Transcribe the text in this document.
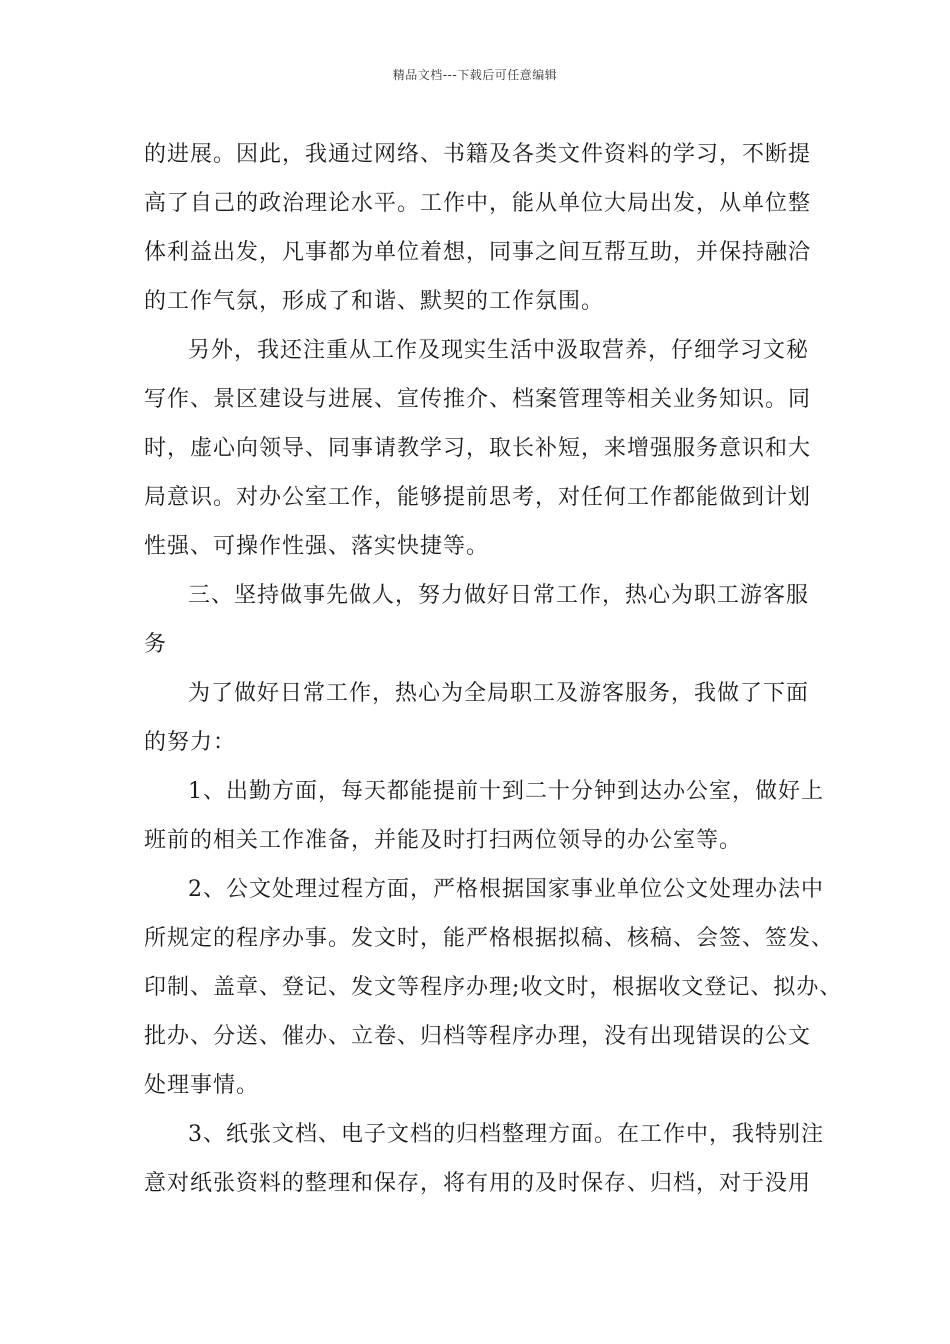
精品文档---下载后可任意编辑
的进展。因此，我通过网络、书籍及各类文件资料的学习，不断提
高了自己的政治理论水平。工作中，能从单位大局出发，从单位整
体利益出发，凡事都为单位着想，同事之间互帮互助，并保持融洽
的工作气氛，形成了和谐、默契的工作氛围。
另外，我还注重从工作及现实生活中汲取营养，仔细学习文秘
写作、景区建设与进展、宣传推介、档案管理等相关业务知识。同
时，虚心向领导、同事请教学习，取长补短，来增强服务意识和大
局意识。对办公室工作，能够提前思考，对任何工作都能做到计划
性强、可操作性强、落实快捷等。
三、坚持做事先做人，努力做好日常工作，热心为职工游客服
务
为了做好日常工作，热心为全局职工及游客服务，我做了下面
的努力：
1、出勤方面，每天都能提前十到二十分钟到达办公室，做好上
班前的相关工作准备，并能及时打扫两位领导的办公室等。
2、公文处理过程方面，严格根据国家事业单位公文处理办法中
所规定的程序办事。发文时，能严格根据拟稿、核稿、会签、签发、
印制、盖章、登记、发文等程序办理;收文时，根据收文登记、拟办、
批办、分送、催办、立卷、归档等程序办理，没有出现错误的公文
处理事情。
3、纸张文档、电子文档的归档整理方面。在工作中，我特别注
意对纸张资料的整理和保存，将有用的及时保存、归档，对于没用
